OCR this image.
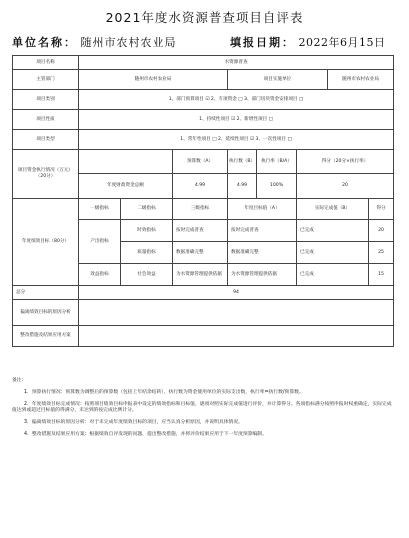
2021年度水资源普查项目自评表
单位名称： 随州市农村农业局	填报日期： 2022年6月15日
项目名称	水资源普查							
主管部门	随州市农村农业局			项目实施单位			随州市农村农业局	
项目类别	1、部门预算项目 ☑ 2、专项资金 □ 3、部门切块资金安排项目 □							
项目性质	1、持续性项目 ☑ 2、新增性项目 □							
项目类型	1、常年性项目 □ 2、延续性项目 ☑ 3、一次性项目 □							
项目资金执行情况（万元）（20分）			预算数（A）	执行数（B）	执行率（B/A）	得分（20分×执行率）		
	年度财政资金总额		4.99	4.99	100%	20		
年度绩效目标（80分）	一级指标	二级指标	三级指标	年度目标值（A）		实际完成值（B）		得分
	产出指标	时效指标	按时完成普查	按时完成普查		已完成		20
		质量指标	数据准确完整	数据准确完整		已完成		25
	效益指标	社会效益	为水资源管理提供依据	为水资源管理提供依据		已完成		15
总分	94							
偏离绩效目标的原因分析								
整改措施及结果应用方案								

备注：

1．预算执行情况：预算数为调整后的预算数（包括上年结余结转），执行数为资金使用单位的实际支出数，执行率=执行数/预算数。

2．年度绩效目标完成情况：按照项目绩效目标申报表中设定的绩效指标和目标值，逐项对照实际完成值进行评价，并计算得分。各项指标满分按照申报时权重确定，实际完成值达到或超过目标值的得满分，未达到的按完成比例计分。

3．偏离绩效目标的原因分析：对于未完成年度绩效目标的项目，应当认真分析原因，并说明具体情况。

4．整改措施及结果应用方案：根据绩效自评发现的问题，提出整改措施，并将评价结果应用于下一年度预算编制。
